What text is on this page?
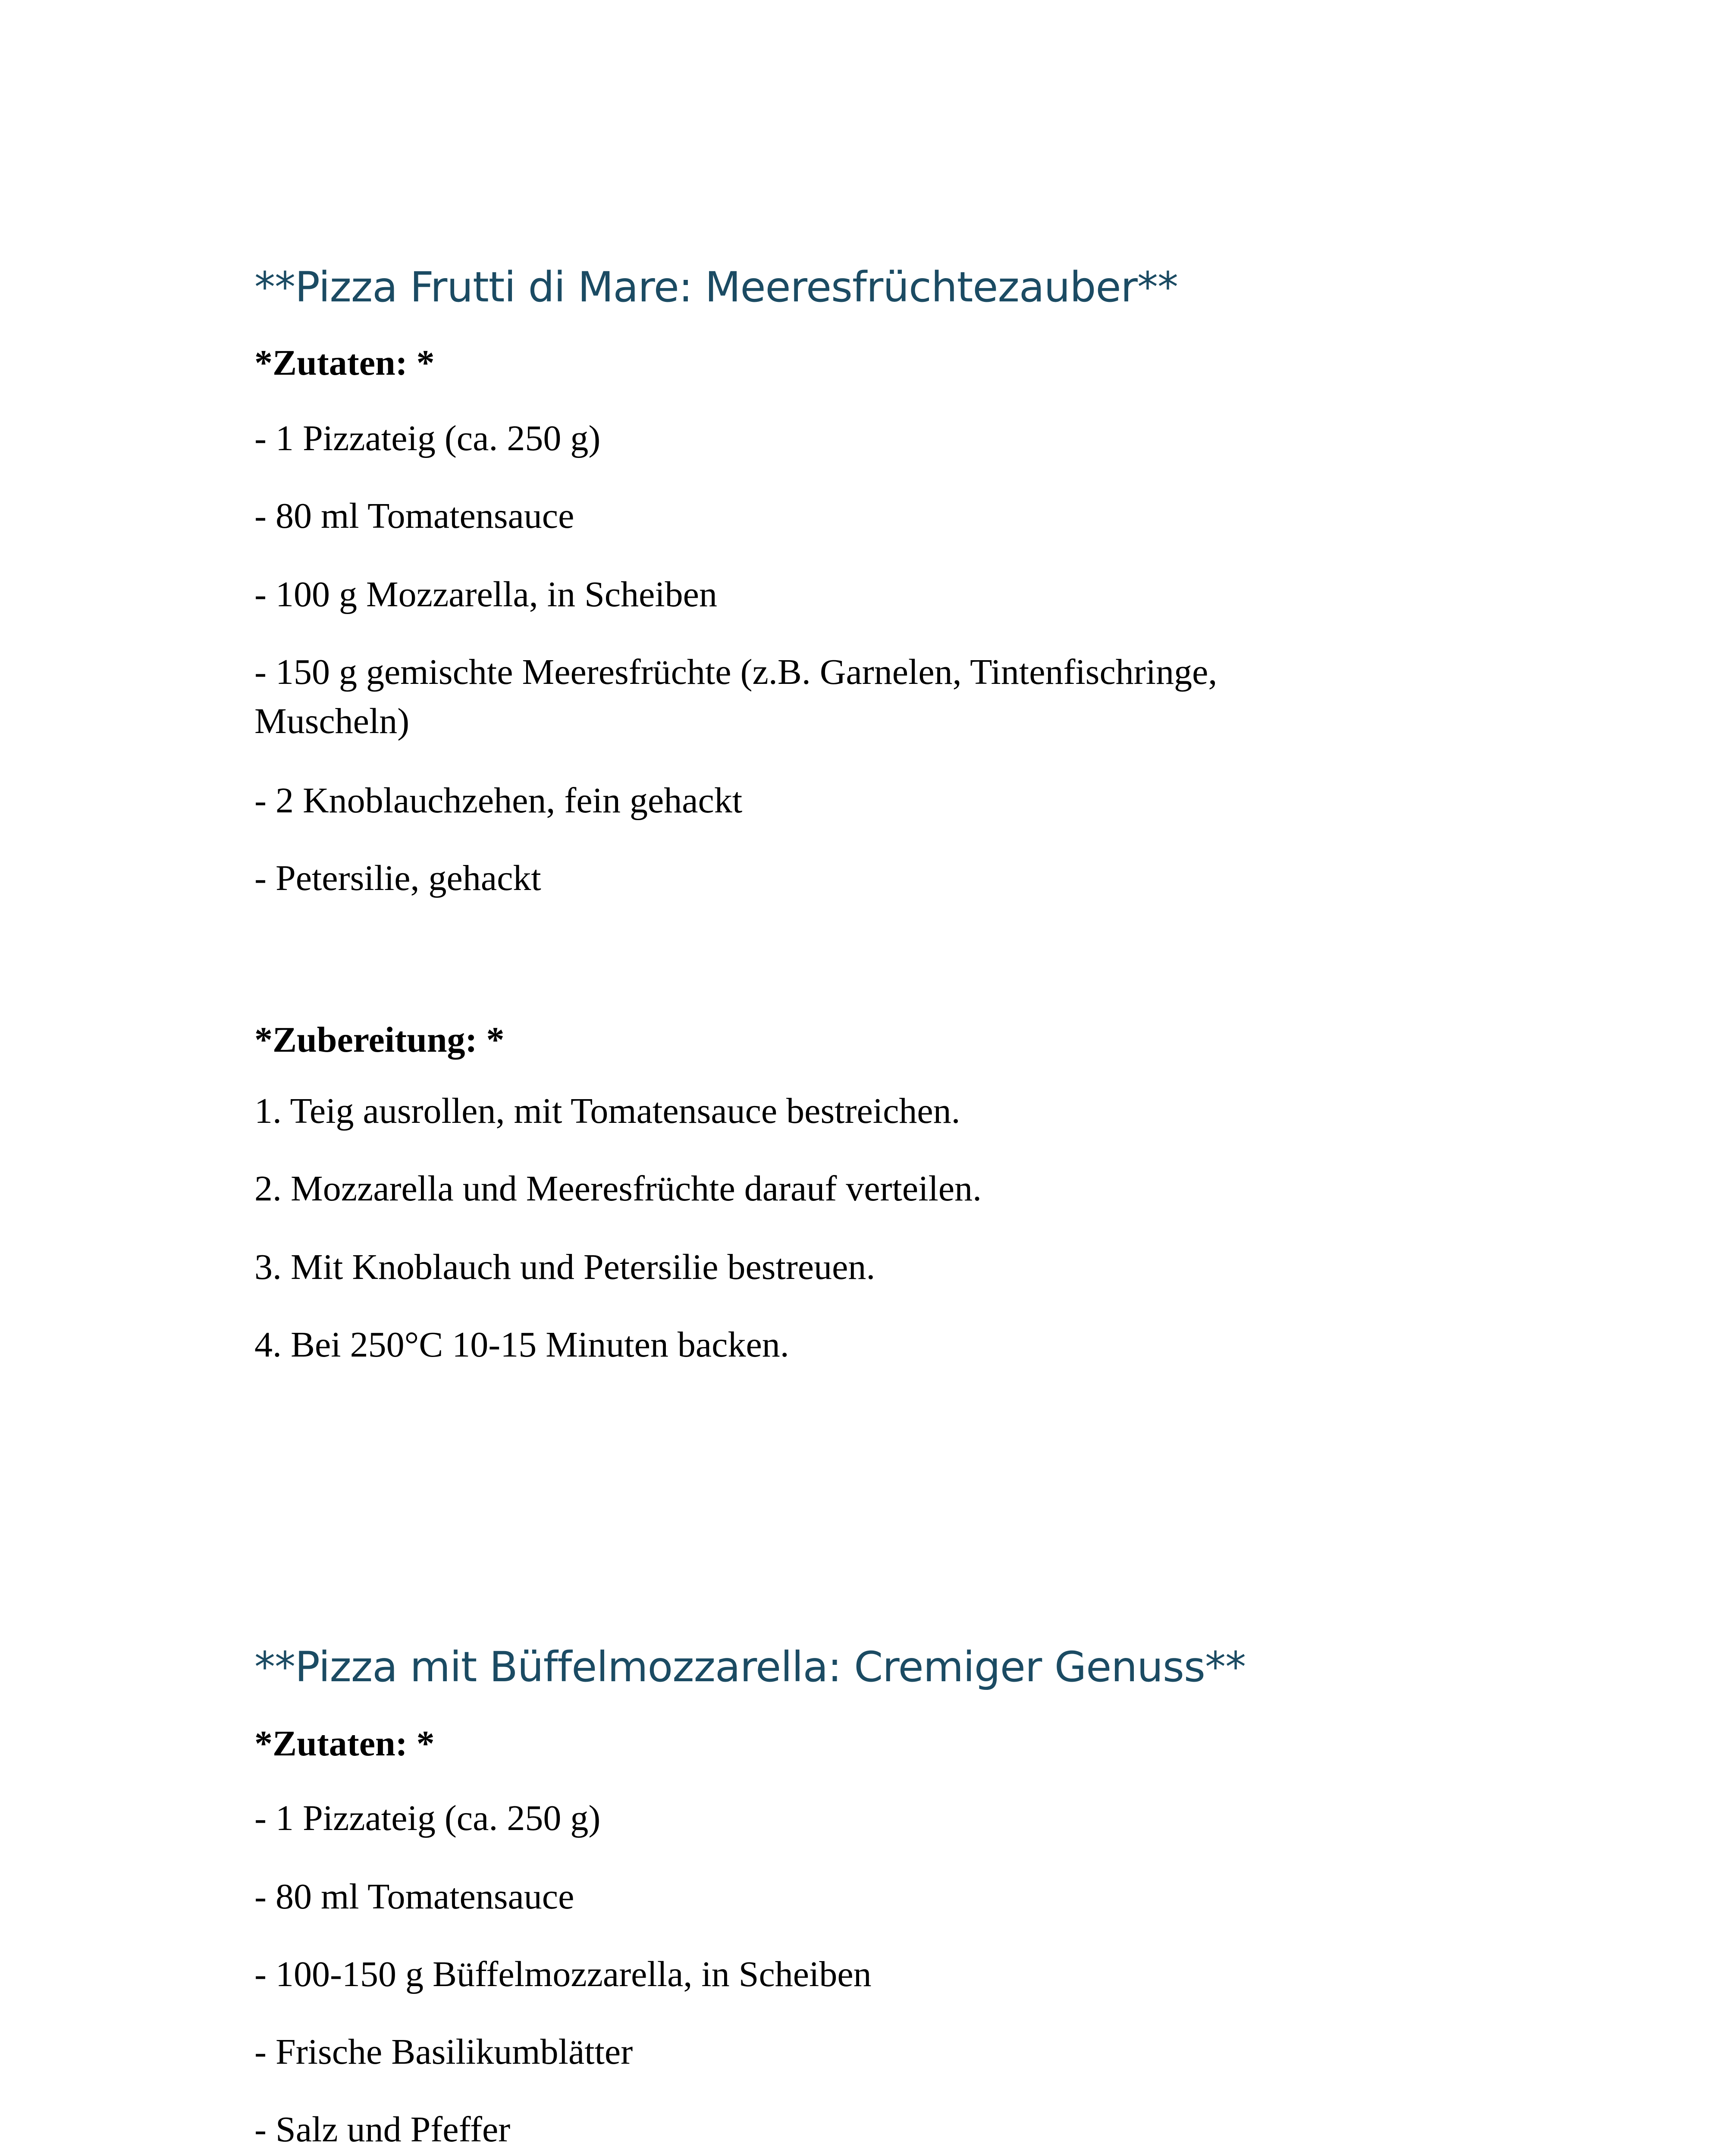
**Pizza Frutti di Mare: Meeresfrüchtezauber**

*Zutaten: *

- 1 Pizzateig (ca. 250 g)

- 80 ml Tomatensauce

- 100 g Mozzarella, in Scheiben

- 150 g gemischte Meeresfrüchte (z.B. Garnelen, Tintenfischringe,

Muscheln)

- 2 Knoblauchzehen, fein gehackt

- Petersilie, gehackt

*Zubereitung: *

1. Teig ausrollen, mit Tomatensauce bestreichen.

2. Mozzarella und Meeresfrüchte darauf verteilen.

3. Mit Knoblauch und Petersilie bestreuen.

4. Bei 250°C 10-15 Minuten backen.

**Pizza mit Büffelmozzarella: Cremiger Genuss**

*Zutaten: *

- 1 Pizzateig (ca. 250 g)

- 80 ml Tomatensauce

- 100-150 g Büffelmozzarella, in Scheiben

- Frische Basilikumblätter

- Salz und Pfeffer
